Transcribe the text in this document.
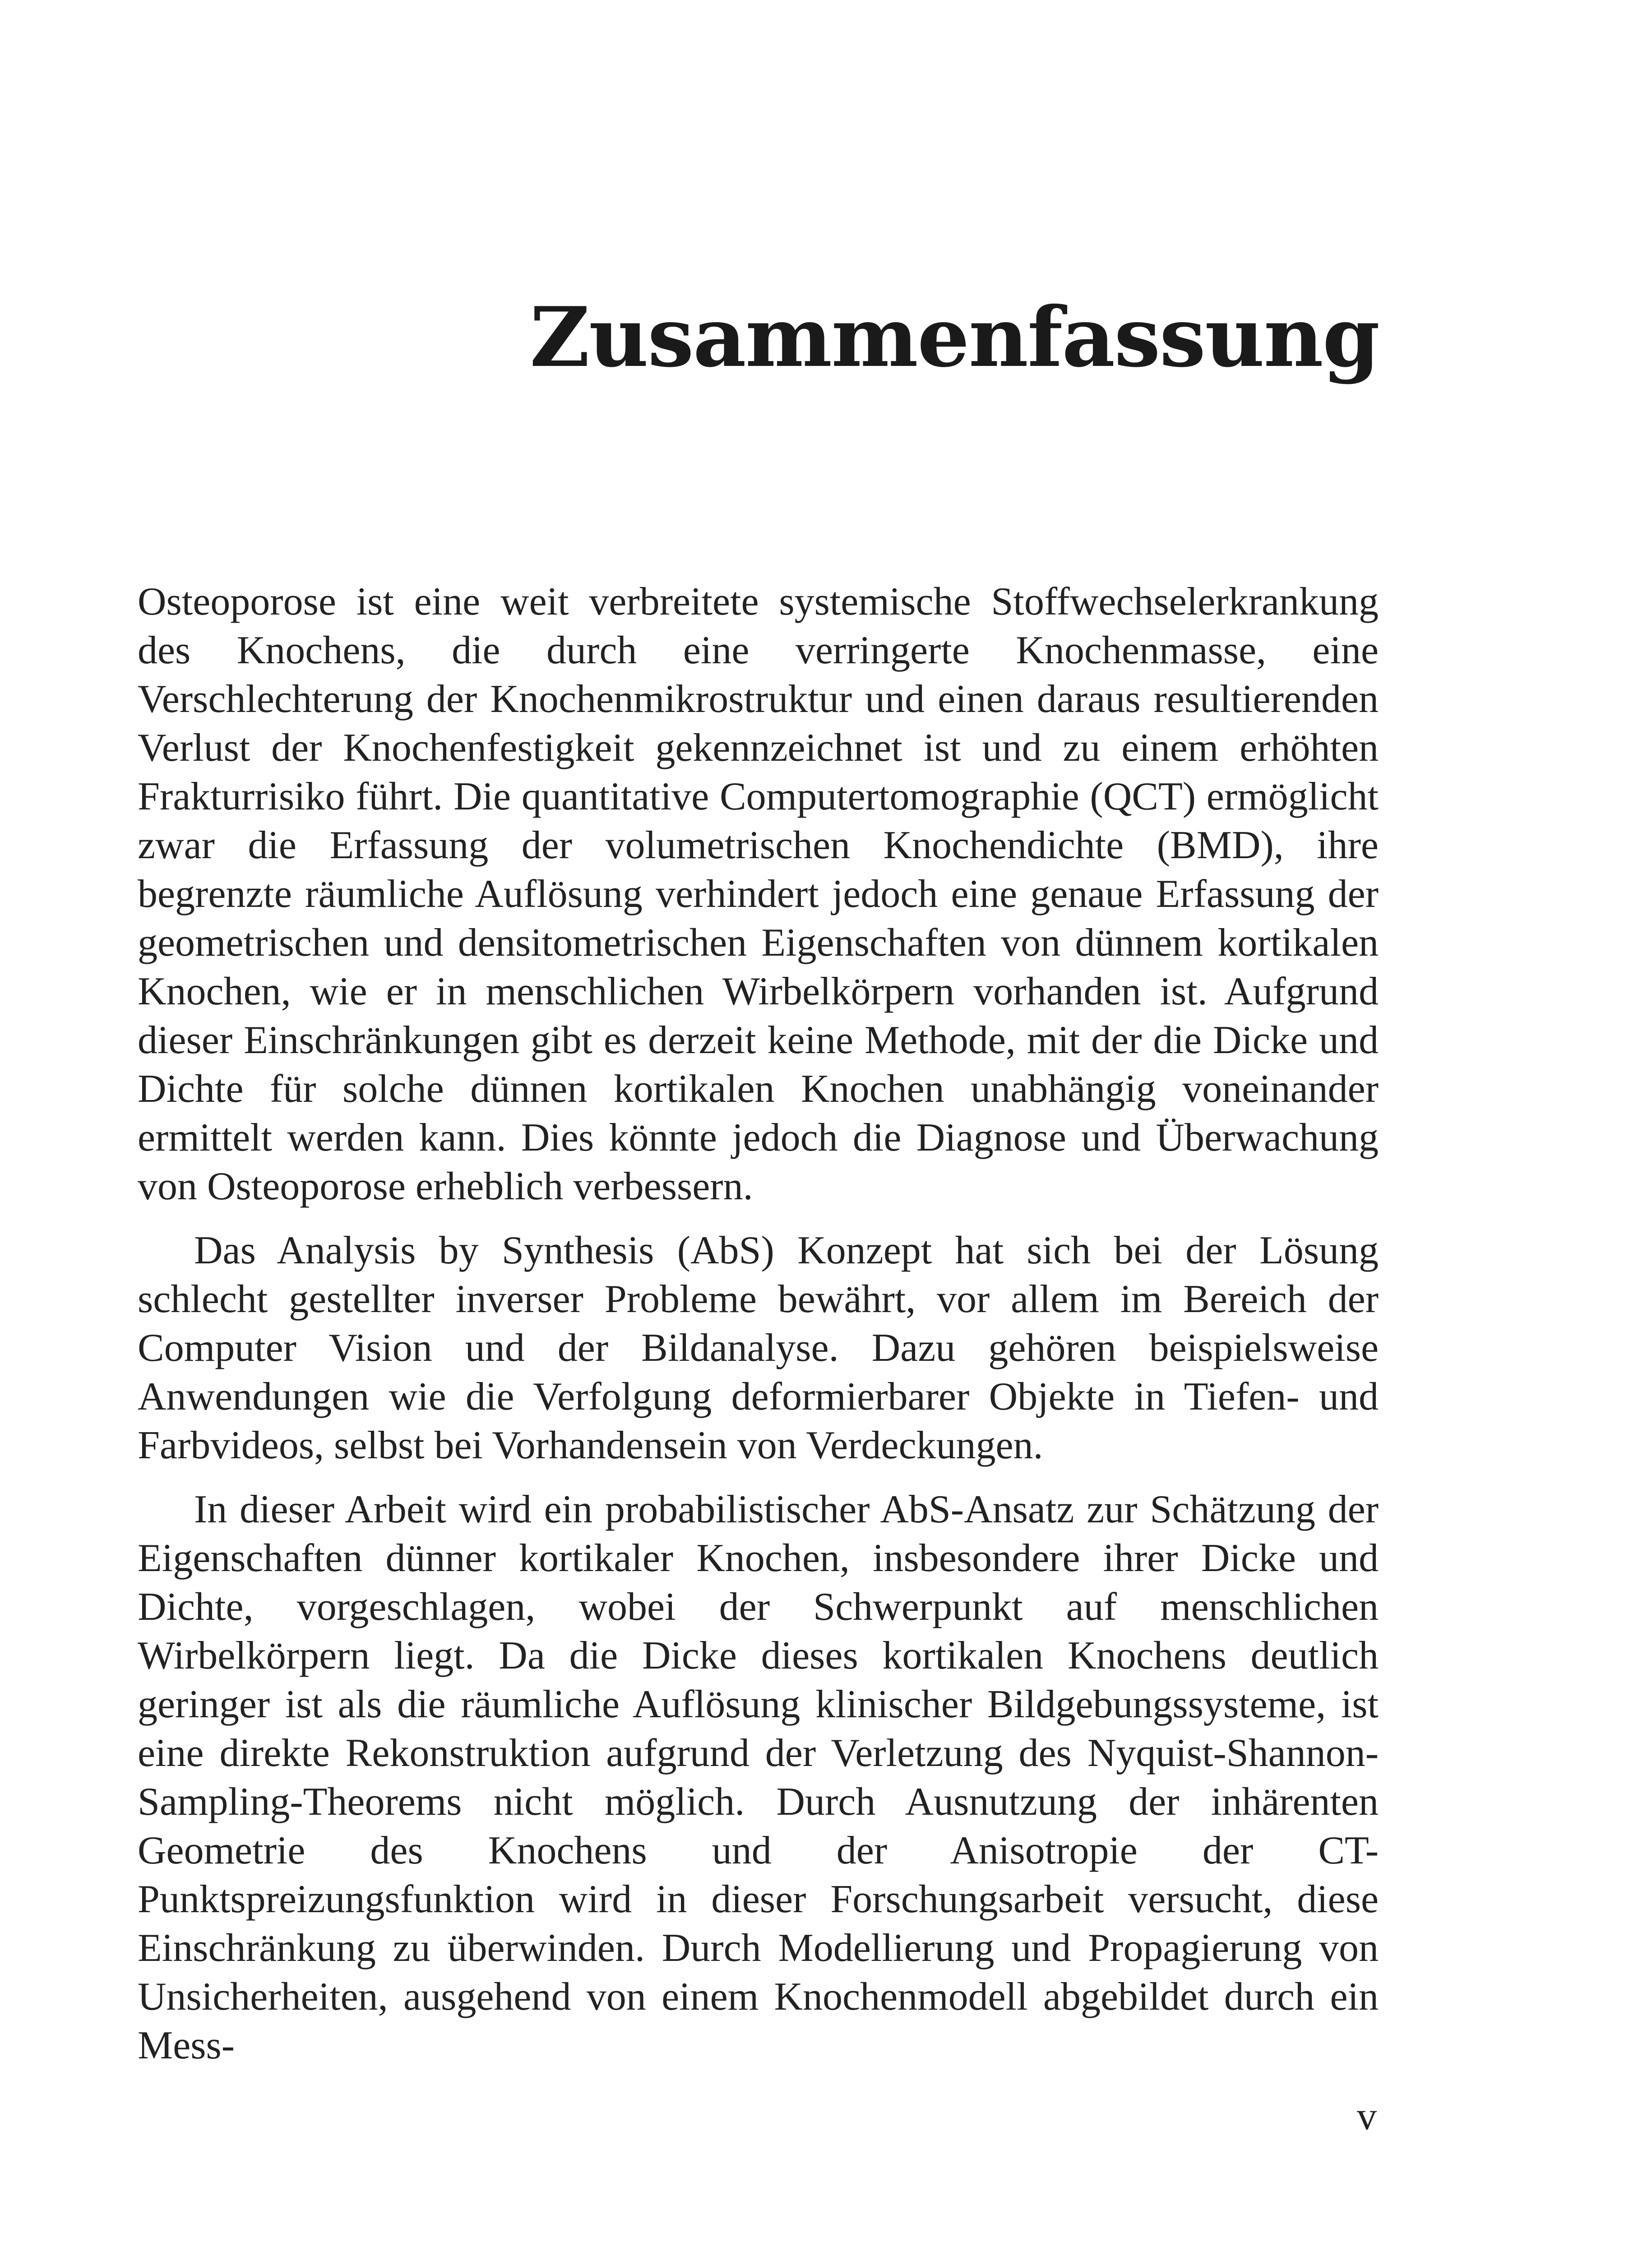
Zusammenfassung

Osteoporose ist eine weit verbreitete systemische Stoffwechselerkrankung des Knochens, die durch eine verringerte Knochenmasse, eine Verschlechterung der Knochenmikrostruktur und einen daraus resultierenden Verlust der Knochenfestigkeit gekennzeichnet ist und zu einem erhöhten Frakturrisiko führt. Die quantitative Computertomographie (QCT) ermöglicht zwar die Erfassung der volumetrischen Knochendichte (BMD), ihre begrenzte räumliche Auflösung verhindert jedoch eine genaue Erfassung der geometrischen und densitometrischen Eigenschaften von dünnem kortikalen Knochen, wie er in menschlichen Wirbelkörpern vorhanden ist. Aufgrund dieser Einschränkungen gibt es derzeit keine Methode, mit der die Dicke und Dichte für solche dünnen kortikalen Knochen unabhängig voneinander ermittelt werden kann. Dies könnte jedoch die Diagnose und Überwachung von Osteoporose erheblich verbessern.

Das Analysis by Synthesis (AbS) Konzept hat sich bei der Lösung schlecht gestellter inverser Probleme bewährt, vor allem im Bereich der Computer Vision und der Bildanalyse. Dazu gehören beispielsweise Anwendungen wie die Verfolgung deformierbarer Objekte in Tiefen- und Farbvideos, selbst bei Vorhandensein von Verdeckungen.

In dieser Arbeit wird ein probabilistischer AbS-Ansatz zur Schätzung der Eigenschaften dünner kortikaler Knochen, insbesondere ihrer Dicke und Dichte, vorgeschlagen, wobei der Schwerpunkt auf menschlichen Wirbelkörpern liegt. Da die Dicke dieses kortikalen Knochens deutlich geringer ist als die räumliche Auflösung klinischer Bildgebungssysteme, ist eine direkte Rekonstruktion aufgrund der Verletzung des Nyquist-Shannon-Sampling-Theorems nicht möglich. Durch Ausnutzung der inhärenten Geometrie des Knochens und der Anisotropie der CT-Punktspreizungsfunktion wird in dieser Forschungsarbeit versucht, diese Einschränkung zu überwinden. Durch Modellierung und Propagierung von Unsicherheiten, ausgehend von einem Knochenmodell abgebildet durch ein Mess-

v
